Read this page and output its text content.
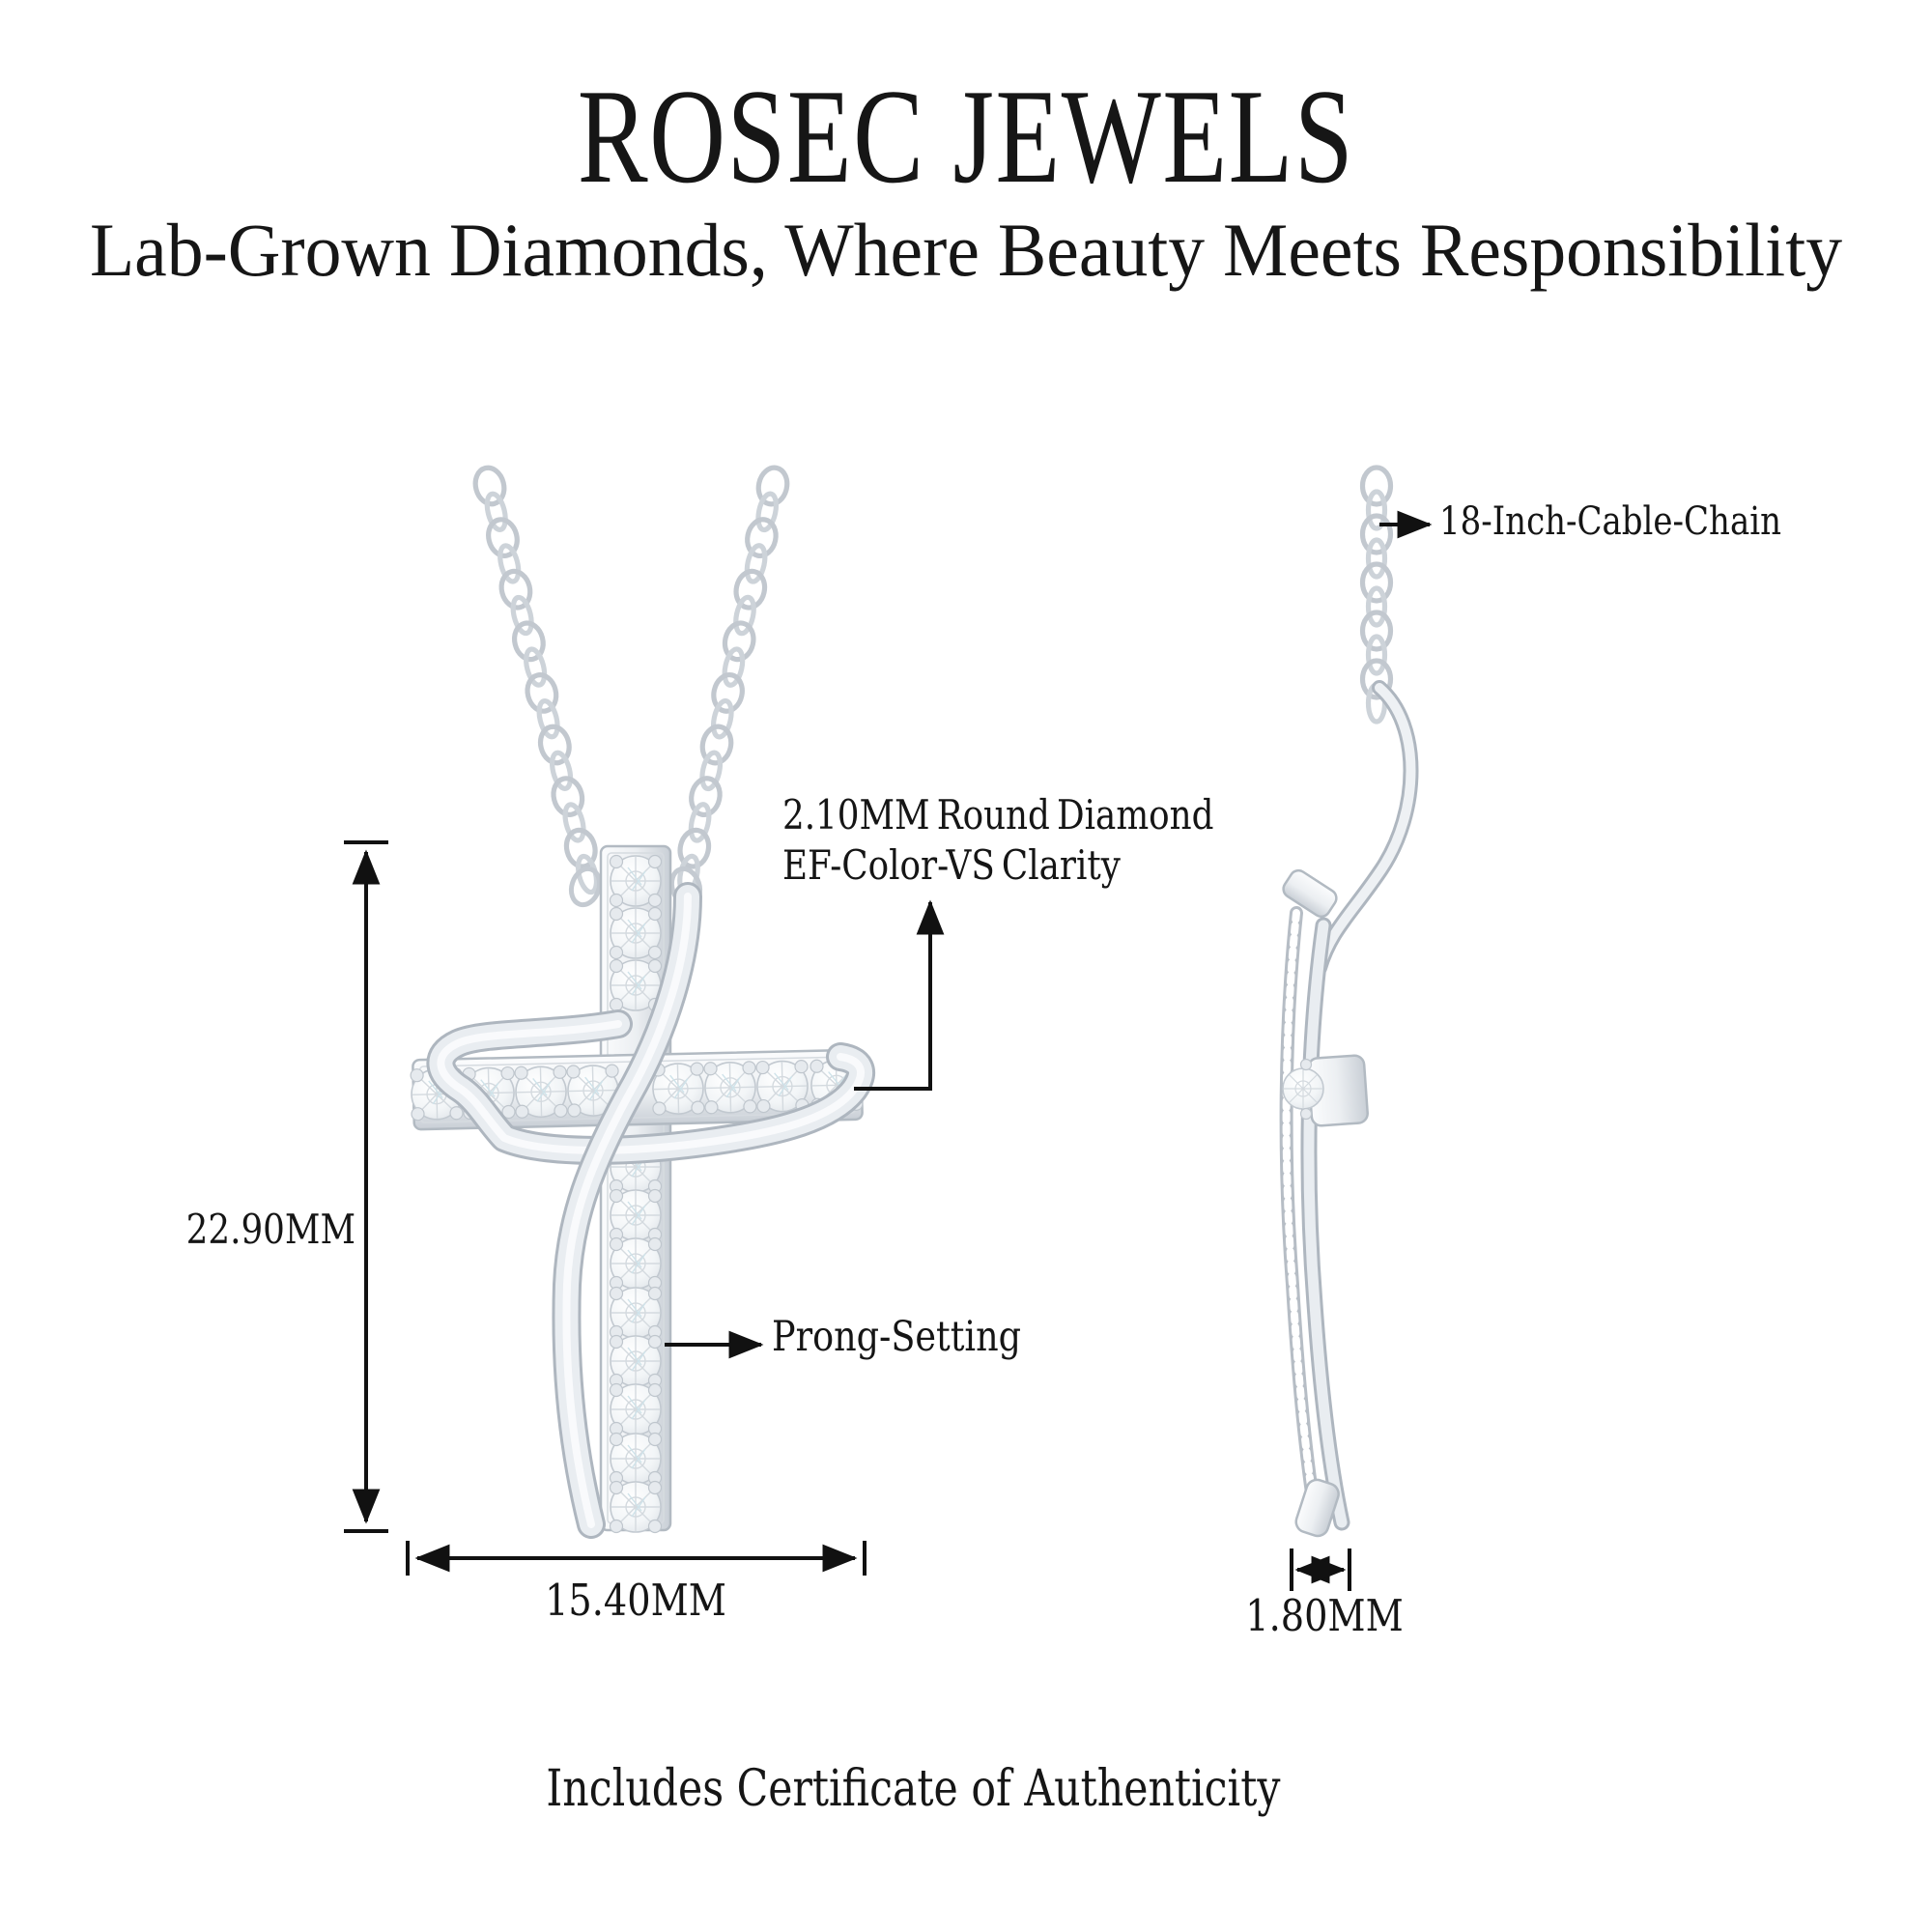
ROSEC JEWELS
Lab-Grown Diamonds, Where Beauty Meets Responsibility
18-Inch-Cable-Chain
2.10MM Round Diamond
EF-Color-VS Clarity
Prong-Setting
22.90MM
15.40MM	1.80MM
Includes Certificate of Authenticity
